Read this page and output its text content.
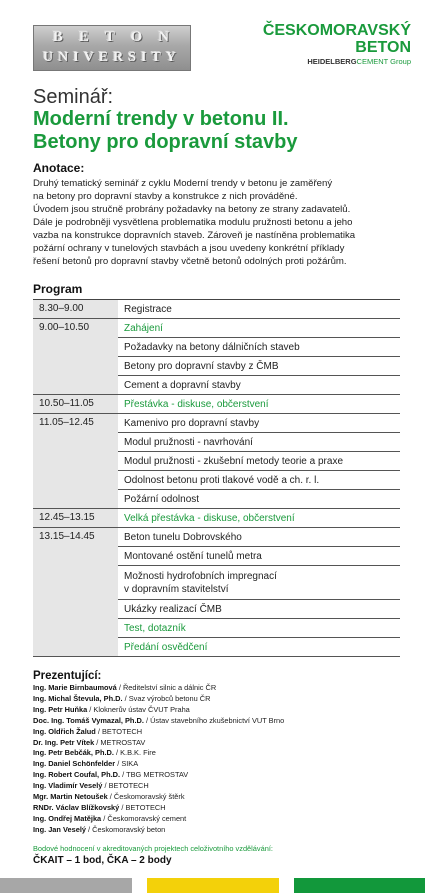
BETON
UNIVERSITY
ČESKOMORAVSKÝ
BETON
HEIDELBERGCEMENT Group
Seminář:
Moderní trendy v betonu II.
Betony pro dopravní stavby
Anotace:
Druhý tematický seminář z cyklu Moderní trendy v betonu je zaměřený
na betony pro dopravní stavby a konstrukce z nich prováděné.
Úvodem jsou stručně probrány požadavky na betony ze strany zadavatelů.
Dále je podrobněji vysvětlena problematika modulu pružnosti betonu a jeho
vazba na konstrukce dopravních staveb. Zároveň je nastíněna problematika
požární ochrany v tunelových stavbách a jsou uvedeny konkrétní příklady
řešení betonů pro dopravní stavby včetně betonů odolných proti požárům.
Program
8.30–9.00	Registrace
9.00–10.50	Zahájení
Požadavky na betony dálničních staveb
Betony pro dopravní stavby z ČMB
Cement a dopravní stavby
10.50–11.05	Přestávka - diskuse, občerstvení
11.05–12.45	Kamenivo pro dopravní stavby
Modul pružnosti - navrhování
Modul pružnosti - zkušební metody teorie a praxe
Odolnost betonu proti tlakové vodě a ch. r. l.
Požární odolnost
12.45–13.15	Velká přestávka - diskuse, občerstvení
13.15–14.45	Beton tunelu Dobrovského
Montované ostění tunelů metra
Možnosti hydrofobních impregnací
v dopravním stavitelství
Ukázky realizací ČMB
Test, dotazník
Předání osvědčení
Prezentující:
Ing. Marie Birnbaumová / Ředitelství silnic a dálnic ČR
Ing. Michal Števula, Ph.D. / Svaz výrobců betonu ČR
Ing. Petr Huňka / Kloknerův ústav ČVUT Praha
Doc. Ing. Tomáš Vymazal, Ph.D. / Ústav stavebního zkušebnictví VUT Brno
Ing. Oldřich Žalud / BETOTECH
Dr. Ing. Petr Vítek / METROSTAV
Ing. Petr Bebčák, Ph.D. / K.B.K. Fire
Ing. Daniel Schönfelder / SIKA
Ing. Robert Coufal, Ph.D. / TBG METROSTAV
Ing. Vladimír Veselý / BETOTECH
Mgr. Martin Netoušek / Českomoravský štěrk
RNDr. Václav Blížkovský / BETOTECH
Ing. Ondřej Matějka / Českomoravský cement
Ing. Jan Veselý / Českomoravský beton
Bodové hodnocení v akreditovaných projektech celoživotního vzdělávání:
ČKAIT – 1 bod, ČKA – 2 body
